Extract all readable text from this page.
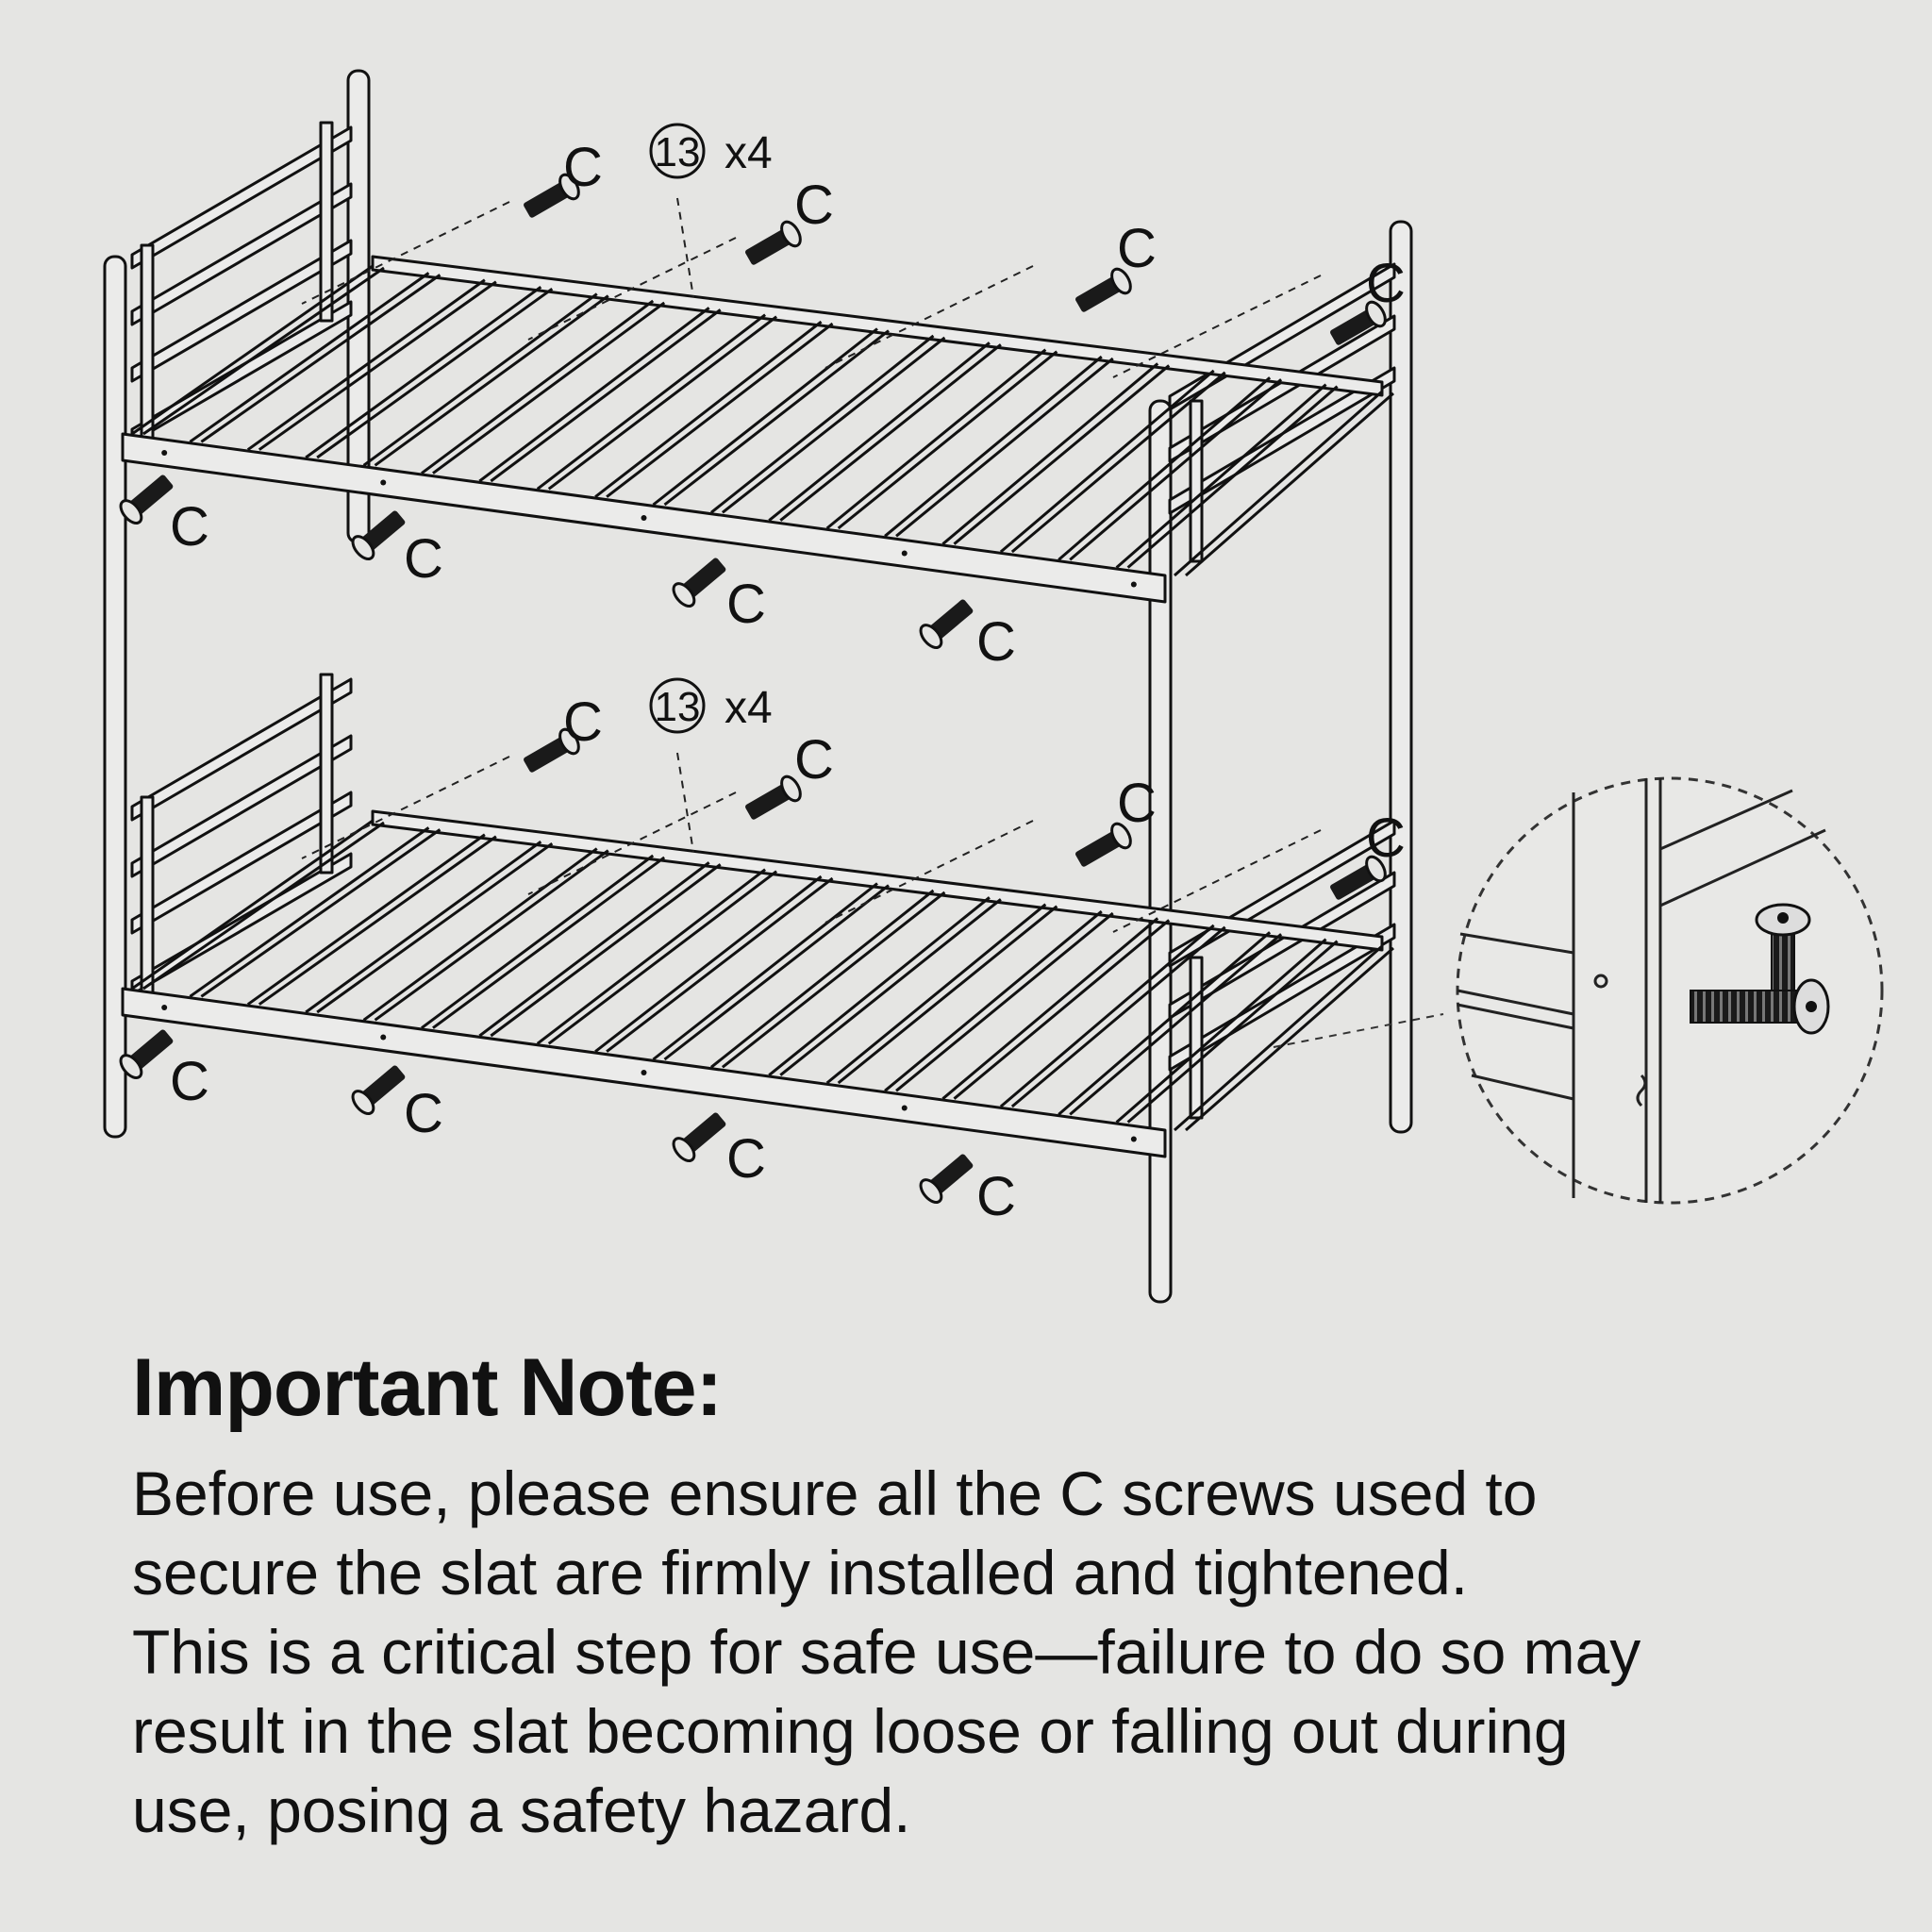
C
C
C
C
C
C
C
C
C
C
C
C
C
C
C
C
13 x4
13 x4
Important Note:

Before use, please ensure all the C screws used to
secure the slat are firmly installed and tightened.
This is a critical step for safe use—failure to do so may
result in the slat becoming loose or falling out during
use, posing a safety hazard.
